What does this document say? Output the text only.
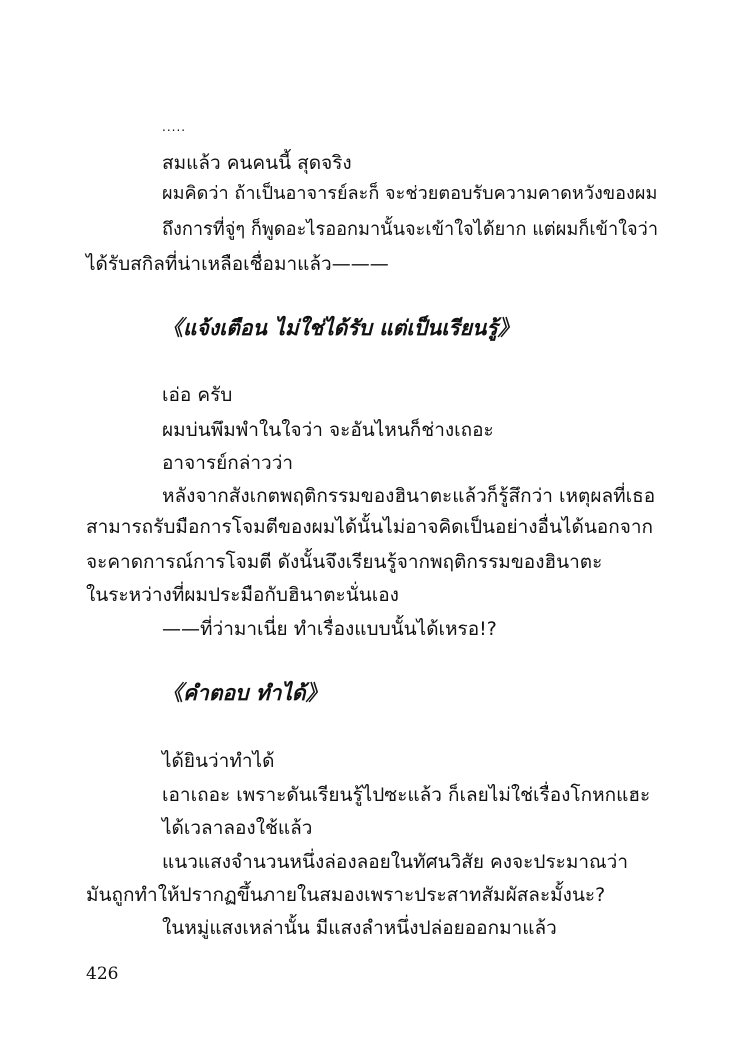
.....
สมแล้ว คนคนนี้ สุดจริง
ผมคิดว่า ถ้าเป็นอาจารย์ละก็ จะช่วยตอบรับความคาดหวังของผม
ถึงการที่จู่ๆ ก็พูดอะไรออกมานั้นจะเข้าใจได้ยาก แต่ผมก็เข้าใจว่า
ได้รับสกิลที่น่าเหลือเชื่อมาแล้ว———
《แจ้งเตือน ไม่ใช่ได้รับ แต่เป็นเรียนรู้》
เอ่อ ครับ
ผมบ่นพึมพำในใจว่า จะอันไหนก็ช่างเถอะ
อาจารย์กล่าวว่า
หลังจากสังเกตพฤติกรรมของฮินาตะแล้วก็รู้สึกว่า เหตุผลที่เธอ
สามารถรับมือการโจมตีของผมได้นั้นไม่อาจคิดเป็นอย่างอื่นได้นอกจาก
จะคาดการณ์การโจมตี ดังนั้นจึงเรียนรู้จากพฤติกรรมของฮินาตะ
ในระหว่างที่ผมประมือกับฮินาตะนั่นเอง
——ที่ว่ามาเนี่ย ทำเรื่องแบบนั้นได้เหรอ!?
《คำตอบ ทำได้》
ได้ยินว่าทำได้
เอาเถอะ เพราะดันเรียนรู้ไปซะแล้ว ก็เลยไม่ใช่เรื่องโกหกแฮะ
ได้เวลาลองใช้แล้ว
แนวแสงจำนวนหนึ่งล่องลอยในทัศนวิสัย คงจะประมาณว่า
มันถูกทำให้ปรากฏขึ้นภายในสมองเพราะประสาทสัมผัสละมั้งนะ?
ในหมู่แสงเหล่านั้น มีแสงลำหนึ่งปล่อยออกมาแล้ว
426
